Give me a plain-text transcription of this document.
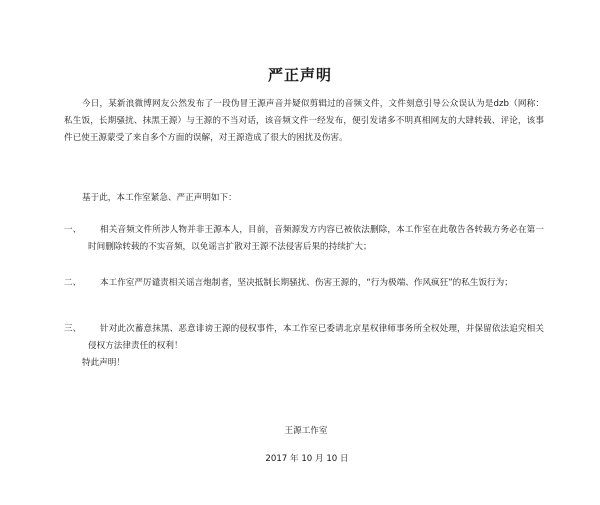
严正声明

今日，某新浪微博网友公然发布了一段伪冒王源声音并疑似剪辑过的音频文件，文件刻意引导公众误认为是dzb（网称：私生饭，长期骚扰、抹黑王源）与王源的不当对话，该音频文件一经发布，便引发诸多不明真相网友的大肆转载、评论，该事件已使王源蒙受了来自多个方面的误解，对王源造成了很大的困扰及伤害。

基于此，本工作室紧急、严正声明如下：

一、	相关音频文件所涉人物并非王源本人，目前，音频源发方内容已被依法删除，本工作室在此敬告各转载方务必在第一时间删除转载的不实音频，以免谣言扩散对王源不法侵害后果的持续扩大；
二、	本工作室严厉谴责相关谣言炮制者，坚决抵制长期骚扰、伤害王源的，“行为极端、作风疯狂”的私生饭行为；
三、	针对此次蓄意抹黑、恶意诽谤王源的侵权事件，本工作室已委请北京星权律师事务所全权处理，并保留依法追究相关侵权方法律责任的权利！
特此声明！
王源工作室
2017 年 10 月 10 日
